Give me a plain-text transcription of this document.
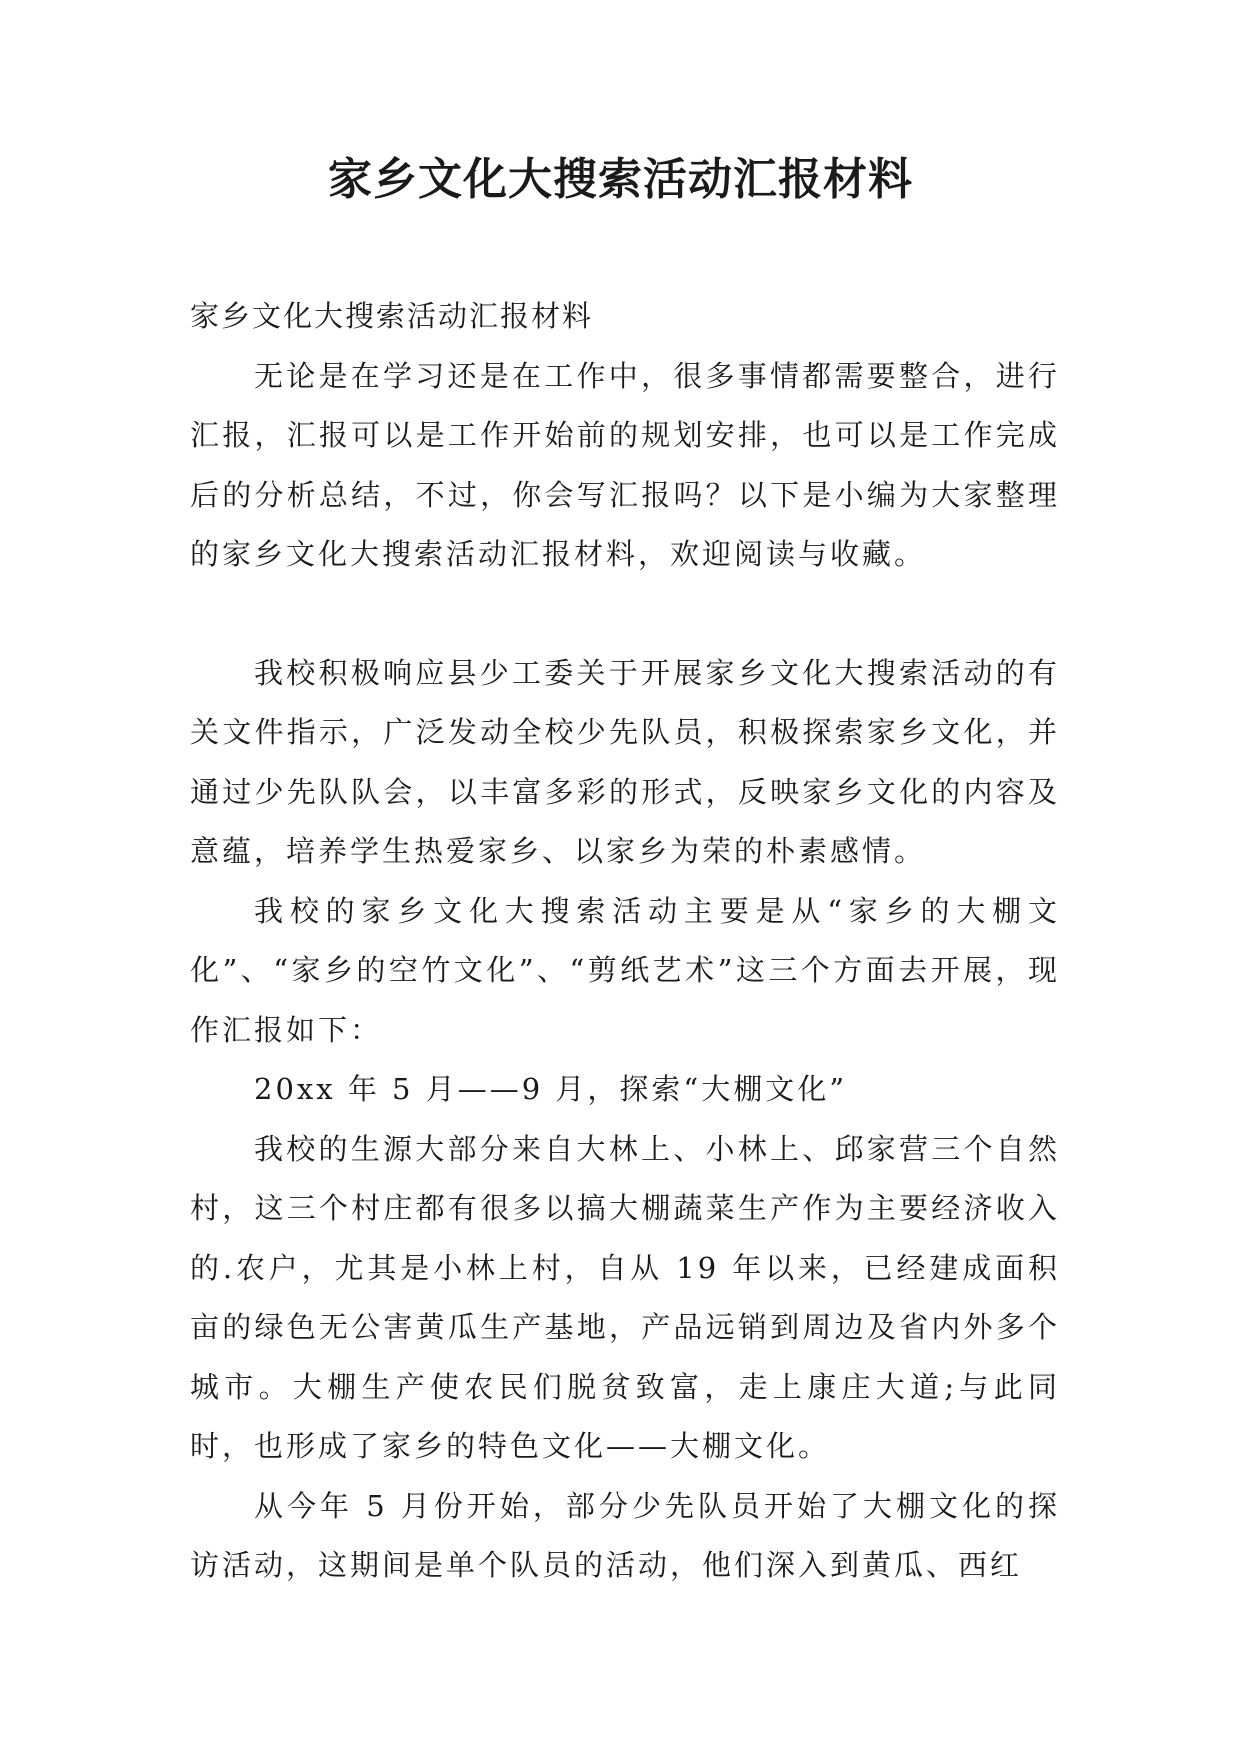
家乡文化大搜索活动汇报材料

家乡文化大搜索活动汇报材料

无论是在学习还是在工作中，很多事情都需要整合，进行汇报，汇报可以是工作开始前的规划安排，也可以是工作完成后的分析总结，不过，你会写汇报吗？以下是小编为大家整理的家乡文化大搜索活动汇报材料，欢迎阅读与收藏。

我校积极响应县少工委关于开展家乡文化大搜索活动的有关文件指示，广泛发动全校少先队员，积极探索家乡文化，并通过少先队队会，以丰富多彩的形式，反映家乡文化的内容及意蕴，培养学生热爱家乡、以家乡为荣的朴素感情。

我校的家乡文化大搜索活动主要是从“家乡的大棚文化”、“家乡的空竹文化”、“剪纸艺术”这三个方面去开展，现作汇报如下：

20xx 年 5 月——9 月，探索“大棚文化”

我校的生源大部分来自大林上、小林上、邱家营三个自然村，这三个村庄都有很多以搞大棚蔬菜生产作为主要经济收入的.农户，尤其是小林上村，自从 19 年以来，已经建成面积 亩的绿色无公害黄瓜生产基地，产品远销到周边及省内外多个城市。大棚生产使农民们脱贫致富，走上康庄大道;与此同时，也形成了家乡的特色文化——大棚文化。

从今年 5 月份开始，部分少先队员开始了大棚文化的探访活动，这期间是单个队员的活动，他们深入到黄瓜、西红
